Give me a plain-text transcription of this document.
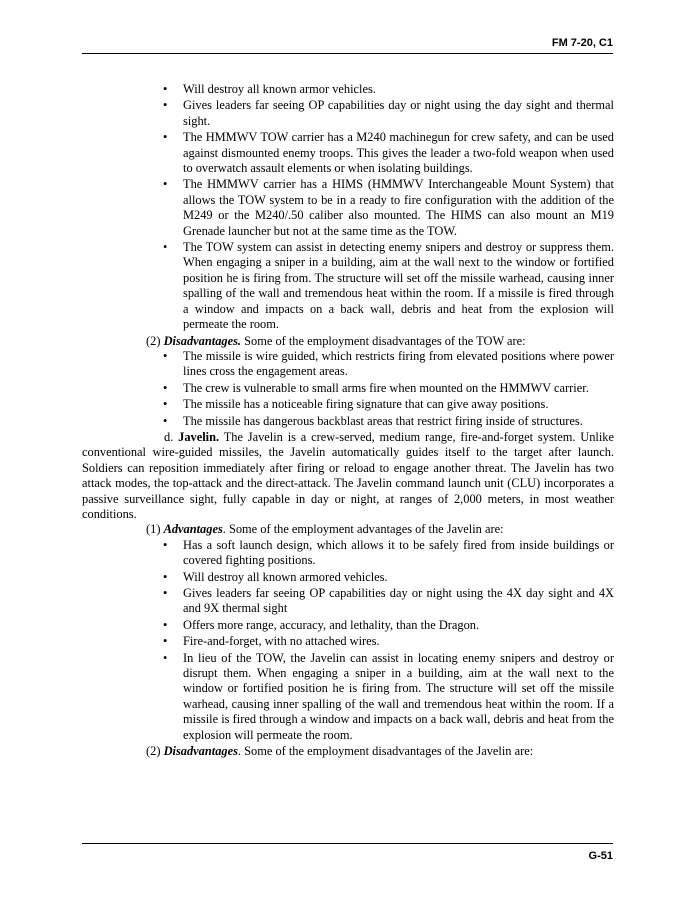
FM 7-20, C1
• Will destroy all known armor vehicles.
• Gives leaders far seeing OP capabilities day or night using the day sight and thermal sight.
• The HMMWV TOW carrier has a M240 machinegun for crew safety, and can be used against dismounted enemy troops. This gives the leader a two-fold weapon when used to overwatch assault elements or when isolating buildings.
• The HMMWV carrier has a HIMS (HMMWV Interchangeable Mount System) that allows the TOW system to be in a ready to fire configuration with the addition of the M249 or the M240/.50 caliber also mounted. The HIMS can also mount an M19 Grenade launcher but not at the same time as the TOW.
• The TOW system can assist in detecting enemy snipers and destroy or suppress them. When engaging a sniper in a building, aim at the wall next to the window or fortified position he is firing from. The structure will set off the missile warhead, causing inner spalling of the wall and tremendous heat within the room. If a missile is fired through a window and impacts on a back wall, debris and heat from the explosion will permeate the room.

(2) Disadvantages. Some of the employment disadvantages of the TOW are:

• The missile is wire guided, which restricts firing from elevated positions where power lines cross the engagement areas.
• The crew is vulnerable to small arms fire when mounted on the HMMWV carrier.
• The missile has a noticeable firing signature that can give away positions.
• The missile has dangerous backblast areas that restrict firing inside of structures.

d. Javelin. The Javelin is a crew-served, medium range, fire-and-forget system. Unlike conventional wire-guided missiles, the Javelin automatically guides itself to the target after launch. Soldiers can reposition immediately after firing or reload to engage another threat. The Javelin has two attack modes, the top-attack and the direct-attack. The Javelin command launch unit (CLU) incorporates a passive surveillance sight, fully capable in day or night, at ranges of 2,000 meters, in most weather conditions.

(1) Advantages. Some of the employment advantages of the Javelin are:

• Has a soft launch design, which allows it to be safely fired from inside buildings or covered fighting positions.
• Will destroy all known armored vehicles.
• Gives leaders far seeing OP capabilities day or night using the 4X day sight and 4X and 9X thermal sight
• Offers more range, accuracy, and lethality, than the Dragon.
• Fire-and-forget, with no attached wires.
• In lieu of the TOW, the Javelin can assist in locating enemy snipers and destroy or disrupt them. When engaging a sniper in a building, aim at the wall next to the window or fortified position he is firing from. The structure will set off the missile warhead, causing inner spalling of the wall and tremendous heat within the room. If a missile is fired through a window and impacts on a back wall, debris and heat from the explosion will permeate the room.

(2) Disadvantages. Some of the employment disadvantages of the Javelin are:

G-51
